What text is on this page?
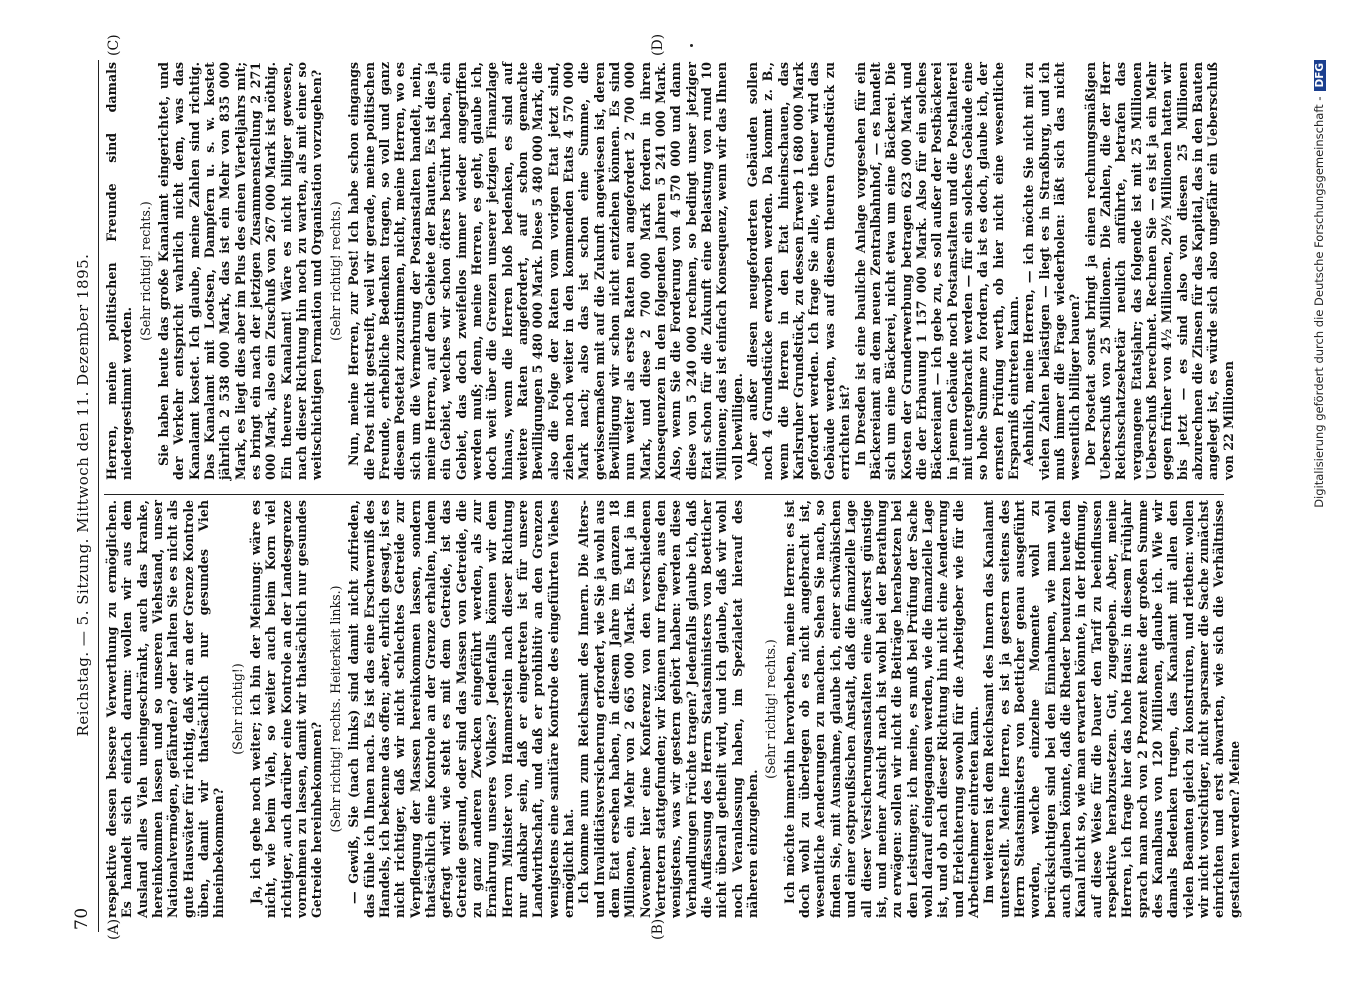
70
Reichstag. — 5. Sitzung. Mittwoch den 11. Dezember 1895.
(A)	(B)
(C)	(D)

respektive dessen bessere Verwerthung zu ermöglichen. Es handelt sich einfach darum: wollen wir aus dem Ausland alles Vieh uneingeschränkt, auch das kranke, hereinkommen lassen und so unseren Viehstand, unser Nationalvermögen, gefährden? oder halten Sie es nicht als gute Hausväter für richtig, daß wir an der Grenze Kontrole üben, damit wir thatsächlich nur gesundes Vieh hineinbekommen?

(Sehr richtig!) Ja, ich gehe noch weiter; ich bin der Meinung: wäre es nicht, wie beim Vieh, so weiter auch beim Korn viel richtiger, auch darüber eine Kontrole an der Landesgrenze vornehmen zu lassen, damit wir thatsächlich nur gesundes Getreide hereinbekommen? (Sehr richtig! rechts. Heiterkeit links.) — Gewiß, Sie (nach links) sind damit nicht zufrieden, das fühle ich Ihnen nach. Es ist das eine Erschwerniß des Handels, ich bekenne das offen; aber, ehrlich gesagt, ist es nicht richtiger, daß wir nicht schlechtes Getreide zur Verpflegung der Massen hereinkommen lassen, sondern thatsächlich eine Kontrole an der Grenze erhalten, indem gefragt wird: wie steht es mit dem Getreide, ist das Getreide gesund, oder sind das Massen von Getreide, die zu ganz anderen Zwecken eingeführt werden, als zur Ernährung unseres Volkes? Jedenfalls können wir dem Herrn Minister von Hammerstein nach dieser Richtung nur dankbar sein, daß er eingetreten ist für unsere Landwirthschaft, und daß er prohibitiv an den Grenzen wenigstens eine sanitäre Kontrole des eingeführten Viehes ermöglicht hat. Ich komme nun zum Reichsamt des Innern. Die Alters- und Invaliditätsversicherung erfordert, wie Sie ja wohl aus dem Etat ersehen haben, in diesem Jahre im ganzen 18 Millionen, ein Mehr von 2 665 000 Mark. Es hat ja im November hier eine Konferenz von den verschiedenen Vertretern stattgefunden; wir können nur fragen, aus den wenigstens, was wir gestern gehört haben: werden diese Verhandlungen Früchte tragen? Jedenfalls glaube ich, daß die Auffassung des Herrn Staatsministers von Boetticher nicht überall getheilt wird, und ich glaube, daß wir wohl noch Veranlassung haben, im Spezialetat hierauf des näheren einzugehen.

(Sehr richtig! rechts.) Ich möchte immerhin hervorheben, meine Herren: es ist doch wohl zu überlegen ob es nicht angebracht ist, wesentliche Aenderungen zu machen. Sehen Sie nach, so finden Sie, mit Ausnahme, glaube ich, einer schwäbischen und einer ostpreußischen Anstalt, daß die finanzielle Lage all dieser Versicherungsanstalten eine äußerst günstige ist, und meiner Ansicht nach ist wohl bei der Berathung zu erwägen: sollen wir nicht die Beiträge herabsetzen bei den Leistungen; ich meine, es muß bei Prüfung der Sache wohl darauf eingegangen werden, wie die finanzielle Lage ist, und ob nach dieser Richtung hin nicht eine Aenderung und Erleichterung sowohl für die Arbeitgeber wie für die Arbeitnehmer eintreten kann. Im weiteren ist dem Reichsamt des Innern das Kanalamt unterstellt. Meine Herren, es ist ja gestern seitens des Herrn Staatsministers von Boetticher genau ausgeführt worden, welche einzelne Momente wohl zu berücksichtigen sind bei den Einnahmen, wie man wohl auch glauben könnte, daß die Rheder benutzen heute den Kanal nicht so, wie man erwarten könnte, in der Hoffnung, auf diese Weise für die Dauer den Tarif zu beeinflussen respektive herabzusetzen. Gut, zugegeben. Aber, meine Herren, ich frage hier das hohe Haus: in diesem Frühjahr sprach man noch von 2 Prozent Rente der großen Summe des Kanalbaus von 120 Millionen, glaube ich. Wie wir damals Bedenken trugen, das Kanalamt mit allen den vielen Beamten gleich zu konstruiren, und riethen: wollen wir nicht vorsichtiger, nicht sparsamer die Sache zunächst einrichten und erst abwarten, wie sich die Verhältnisse gestalten werden? Meine

Herren, meine politischen Freunde sind damals niedergestimmt worden.

(Sehr richtig! rechts.) Sie haben heute das große Kanalamt eingerichtet, und der Verkehr entspricht wahrlich nicht dem, was das Kanalamt kostet. Ich glaube, meine Zahlen sind richtig. Das Kanalamt mit Lootsen, Dampfern u. s. w. kostet jährlich 2 538 000 Mark, das ist ein Mehr von 835 000 Mark, es liegt dies aber im Plus des einen Vierteljahrs mit; es bringt ein nach der jetzigen Zusammenstellung 2 271 000 Mark, also ein Zuschuß von 267 000 Mark ist nöthig. Ein theures Kanalamt! Wäre es nicht billiger gewesen, nach dieser Richtung hin noch zu warten, als mit einer so weitschichtigen Formation und Organisation vorzugehen? (Sehr richtig! rechts.) Nun, meine Herren, zur Post! Ich habe schon eingangs die Post nicht gestreift, weil wir gerade, meine politischen Freunde, erhebliche Bedenken tragen, so voll und ganz diesem Postetat zuzustimmen, nicht, meine Herren, wo es sich um die Vermehrung der Postanstalten handelt, nein, meine Herren, auf dem Gebiete der Bauten. Es ist dies ja ein Gebiet, welches wir schon öfters berührt haben, ein Gebiet, das doch zweifellos immer wieder angegriffen werden muß; denn, meine Herren, es geht, glaube ich, doch weit über die Grenzen unserer jetzigen Finanzlage hinaus, wenn die Herren bloß bedenken, es sind auf weitere Raten angefordert, auf schon gemachte Bewilligungen 5 480 000 Mark. Diese 5 480 000 Mark, die also die Folge der Raten vom vorigen Etat jetzt sind, ziehen noch weiter in den kommenden Etats 4 570 000 Mark nach; also das ist schon eine Summe, die gewissermaßen mit auf die Zukunft angewiesen ist, deren Bewilligung wir schon nicht entziehen können. Es sind nun weiter als erste Raten neu angefordert 2 700 000 Mark, und diese 2 700 000 Mark fordern in ihren Konsequenzen in den folgenden Jahren 5 241 000 Mark. Also, wenn Sie die Forderung von 4 570 000 und dann diese von 5 240 000 rechnen, so bedingt unser jetziger Etat schon für die Zukunft eine Belastung von rund 10 Millionen; das ist einfach Konsequenz, wenn wir das Ihnen voll bewilligen. Aber außer diesen neugeforderten Gebäuden sollen noch 4 Grundstücke erworben werden. Da kommt z. B., wenn die Herren in den Etat hineinschauen, das Karlsruher Grundstück, zu dessen Erwerb 1 680 000 Mark gefordert werden. Ich frage Sie alle, wie theuer wird das Gebäude werden, was auf diesem theuren Grundstück zu errichten ist? In Dresden ist eine bauliche Anlage vorgesehen für ein Bäckereiamt an dem neuen Zentralbahnhof, — es handelt sich um eine Bäckerei, nicht etwa um eine Bäckerei. Die Kosten der Grunderwerbung betragen 623 000 Mark und die der Erbauung 1 157 000 Mark. Also für ein solches Bäckereiamt — ich gebe zu, es soll außer der Postbäckerei in jenem Gebäude noch Postanstalten und die Posthalterei mit untergebracht werden — für ein solches Gebäude eine so hohe Summe zu fordern, da ist es doch, glaube ich, der ernsten Prüfung werth, ob hier nicht eine wesentliche Ersparniß eintreten kann. Aehnlich, meine Herren, — ich möchte Sie nicht mit zu vielen Zahlen belästigen — liegt es in Straßburg, und ich muß immer die Frage wiederholen: läßt sich das nicht wesentlich billiger bauen? Der Postetat sonst bringt ja einen rechnungsmäßigen Ueberschuß von 25 Millionen. Die Zahlen, die der Herr Reichsschatzsekretär neulich anführte, betrafen das vergangene Etatsjahr; das folgende ist mit 25 Millionen Ueberschuß berechnet. Rechnen Sie — es ist ja ein Mehr gegen früher von 4½ Millionen, 20½ Millionen hatten wir bis jetzt — es sind also von diesen 25 Millionen abzurechnen die Zinsen für das Kapital, das in den Bauten angelegt ist, es würde sich also ungefähr ein Ueberschuß von 22 Millionen	Digitalisierung gefördert durch die Deutsche Forschungsgemeinschaft -DFG
